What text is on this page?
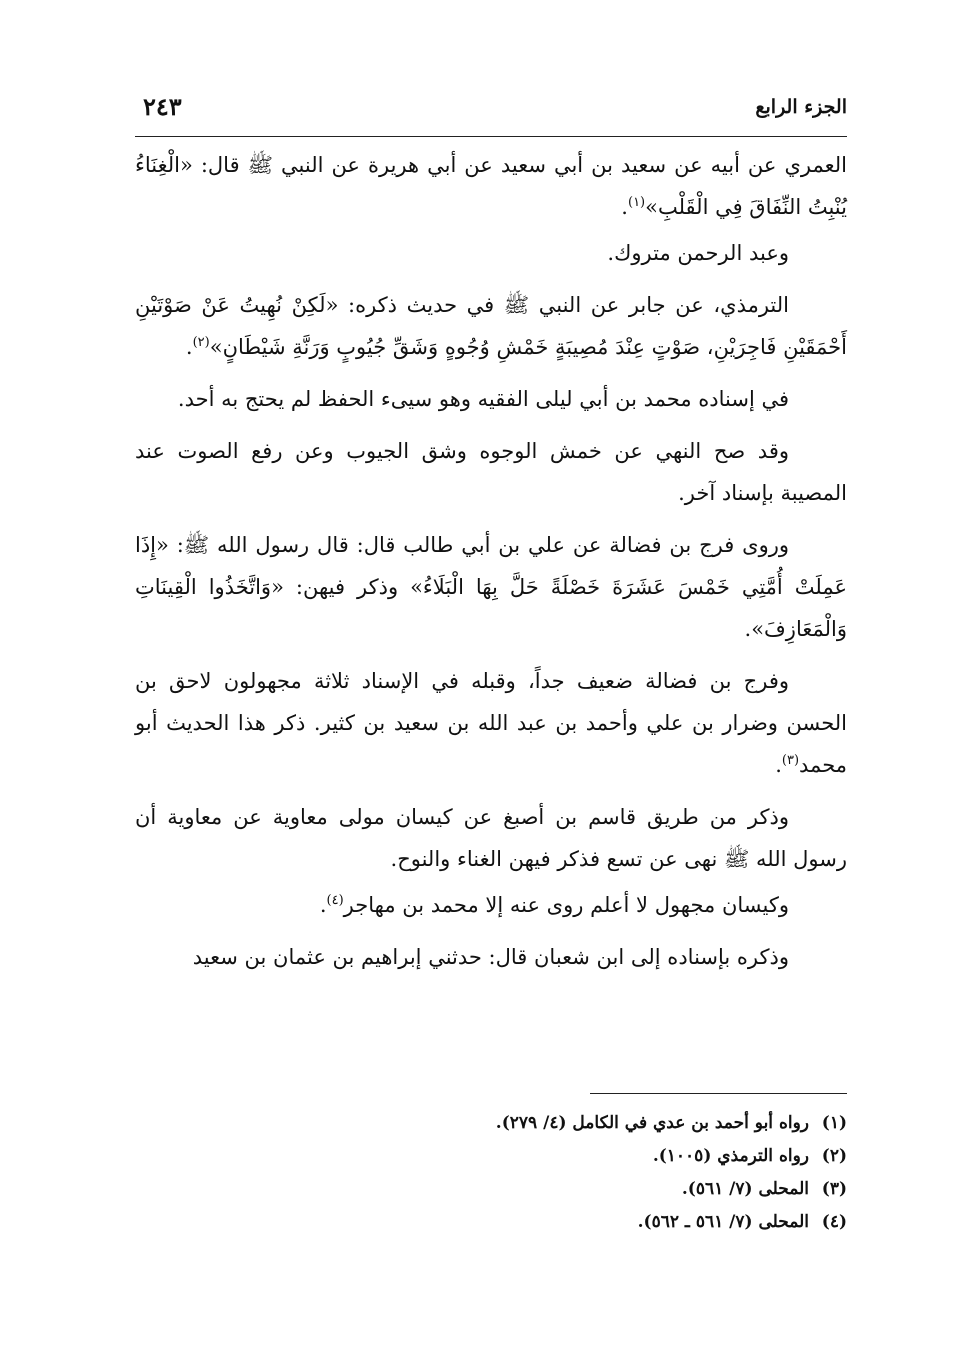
الجزء الرابع
٢٤٣

العمري عن أبيه عن سعيد بن أبي سعيد عن أبي هريرة عن النبي ﷺ قال: «الْغِنَاءُ يُنْبِتُ النِّفَاقَ فِي الْقَلْبِ»$^{(١)}$.

وعبد الرحمن متروك.

الترمذي، عن جابر عن النبي ﷺ في حديث ذكره: «لَكِنْ نُهِيتُ عَنْ صَوْتَيْنِ أَحْمَقَيْنِ فَاجِرَيْنِ، صَوْتٍ عِنْدَ مُصِيبَةٍ خَمْشِ وُجُوهٍ وَشَقِّ جُيُوبٍ وَرَنَّةِ شَيْطَانٍ»$^{(٢)}$.

في إسناده محمد بن أبي ليلى الفقيه وهو سيىء الحفظ لم يحتج به أحد.

وقد صح النهي عن خمش الوجوه وشق الجيوب وعن رفع الصوت عند المصيبة بإسناد آخر.

وروى فرج بن فضالة عن علي بن أبي طالب قال: قال رسول الله ﷺ: «إِذَا عَمِلَتْ أُمَّتِي خَمْسَ عَشَرَةَ خَصْلَةً حَلَّ بِهَا الْبَلَاءُ» وذكر فيهن: «وَاتَّخَذُوا الْقِينَاتِ وَالْمَعَازِفَ».

وفرج بن فضالة ضعيف جداً، وقبله في الإسناد ثلاثة مجهولون لاحق بن الحسن وضرار بن علي وأحمد بن عبد الله بن سعيد بن كثير. ذكر هذا الحديث أبو محمد$^{(٣)}$.

وذكر من طريق قاسم بن أصبغ عن كيسان مولى معاوية عن معاوية أن رسول الله ﷺ نهى عن تسع فذكر فيهن الغناء والنوح.

وكيسان مجهول لا أعلم روى عنه إلا محمد بن مهاجر$^{(٤)}$.

وذكره بإسناده إلى ابن شعبان قال: حدثني إبراهيم بن عثمان بن سعيد

(١)رواه أبو أحمد بن عدي في الكامل (٤/ ٢٧٩).

(٢)رواه الترمذي (١٠٠٥).

(٣)المحلى (٧/ ٥٦١).

(٤)المحلى (٧/ ٥٦١ ـ ٥٦٢).
